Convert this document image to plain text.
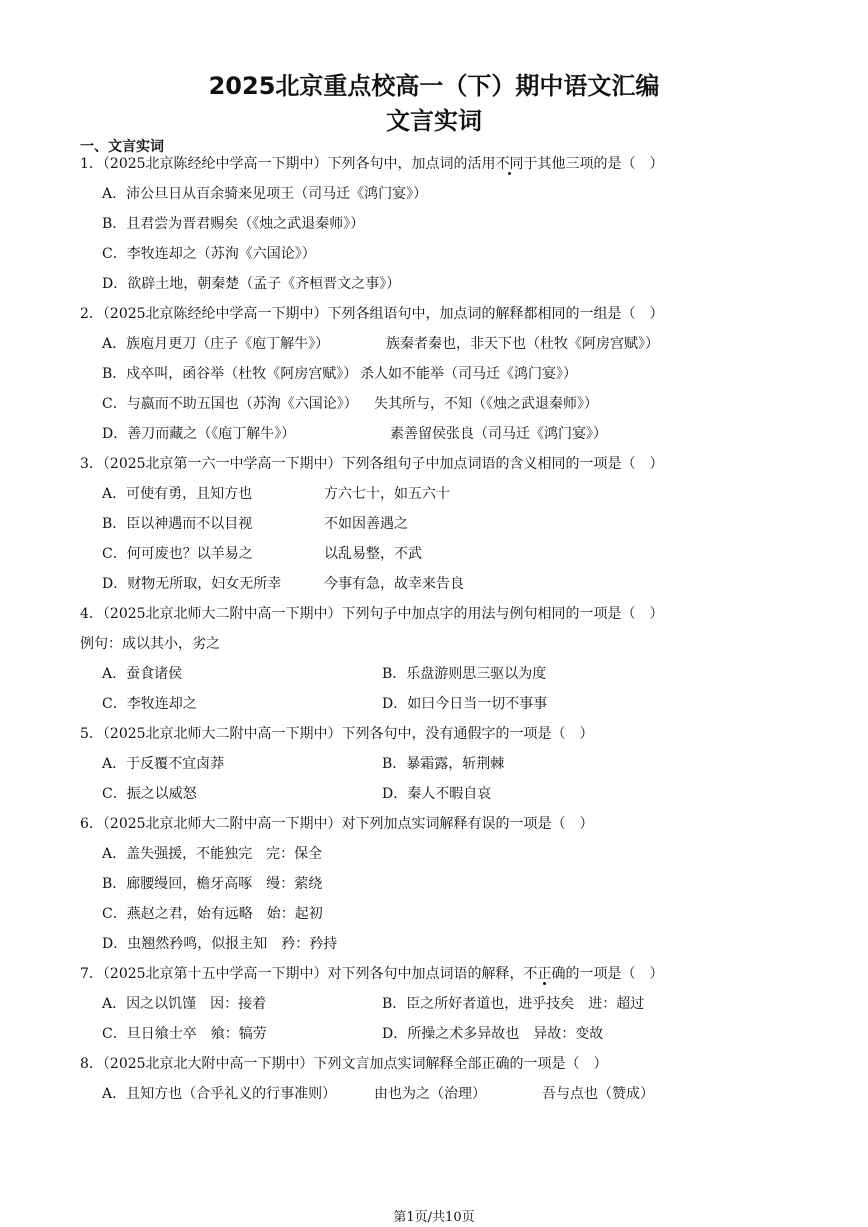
2025北京重点校高一（下）期中语文汇编
文言实词
一、文言实词
1．（2025北京陈经纶中学高一下期中）下列各句中，加点词的活用不同于其他三项的是（　）
A．沛公旦日从百余骑来见项王（司马迁《鸿门宴》）
B．且君尝为晋君赐矣（《烛之武退秦师》）
C．李牧连却之（苏洵《六国论》）
D．欲辟土地，朝秦楚（孟子《齐桓晋文之事》）
2．（2025北京陈经纶中学高一下期中）下列各组语句中，加点词的解释都相同的一组是（　）
A．族庖月更刀（庄子《庖丁解牛》）	族秦者秦也，非天下也（杜牧《阿房宫赋》）
B．戍卒叫，函谷举（杜牧《阿房宫赋》） 杀人如不能举（司马迁《鸿门宴》）
C．与嬴而不助五国也（苏洵《六国论》） 失其所与，不知（《烛之武退秦师》）
D．善刀而藏之（《庖丁解牛》）	素善留侯张良（司马迁《鸿门宴》）
3．（2025北京第一六一中学高一下期中）下列各组句子中加点词语的含义相同的一项是（　）
A．可使有勇，且知方也	方六七十，如五六十
B．臣以神遇而不以目视	不如因善遇之
C．何可废也？以羊易之	以乱易整，不武
D．财物无所取，妇女无所幸	今事有急，故幸来告良
4．（2025北京北师大二附中高一下期中）下列句子中加点字的用法与例句相同的一项是（　）
例句：成以其小，劣之
A．蚕食诸侯	B．乐盘游则思三驱以为度
C．李牧连却之	D．如曰今日当一切不事事
5．（2025北京北师大二附中高一下期中）下列各句中，没有通假字的一项是（　）
A．于反覆不宜卤莽	B．暴霜露，斩荆棘
C．振之以威怒	D．秦人不暇自哀
6．（2025北京北师大二附中高一下期中）对下列加点实词解释有误的一项是（　）
A．盖失强援，不能独完　完：保全
B．廊腰缦回，檐牙高啄　缦：萦绕
C．燕赵之君，始有远略　始：起初
D．虫翘然矜鸣，似报主知　矜：矜持
7．（2025北京第十五中学高一下期中）对下列各句中加点词语的解释，不正确的一项是（　）
A．因之以饥馑　因：接着	B．臣之所好者道也，进乎技矣　进：超过
C．旦日飨士卒　飨：犒劳	D．所操之术多异故也　异故：变故
8．（2025北京北大附中高一下期中）下列文言加点实词解释全部正确的一项是（　）
A．且知方也（合乎礼义的行事准则）	由也为之（治理）	吾与点也（赞成）
第1页/共10页
